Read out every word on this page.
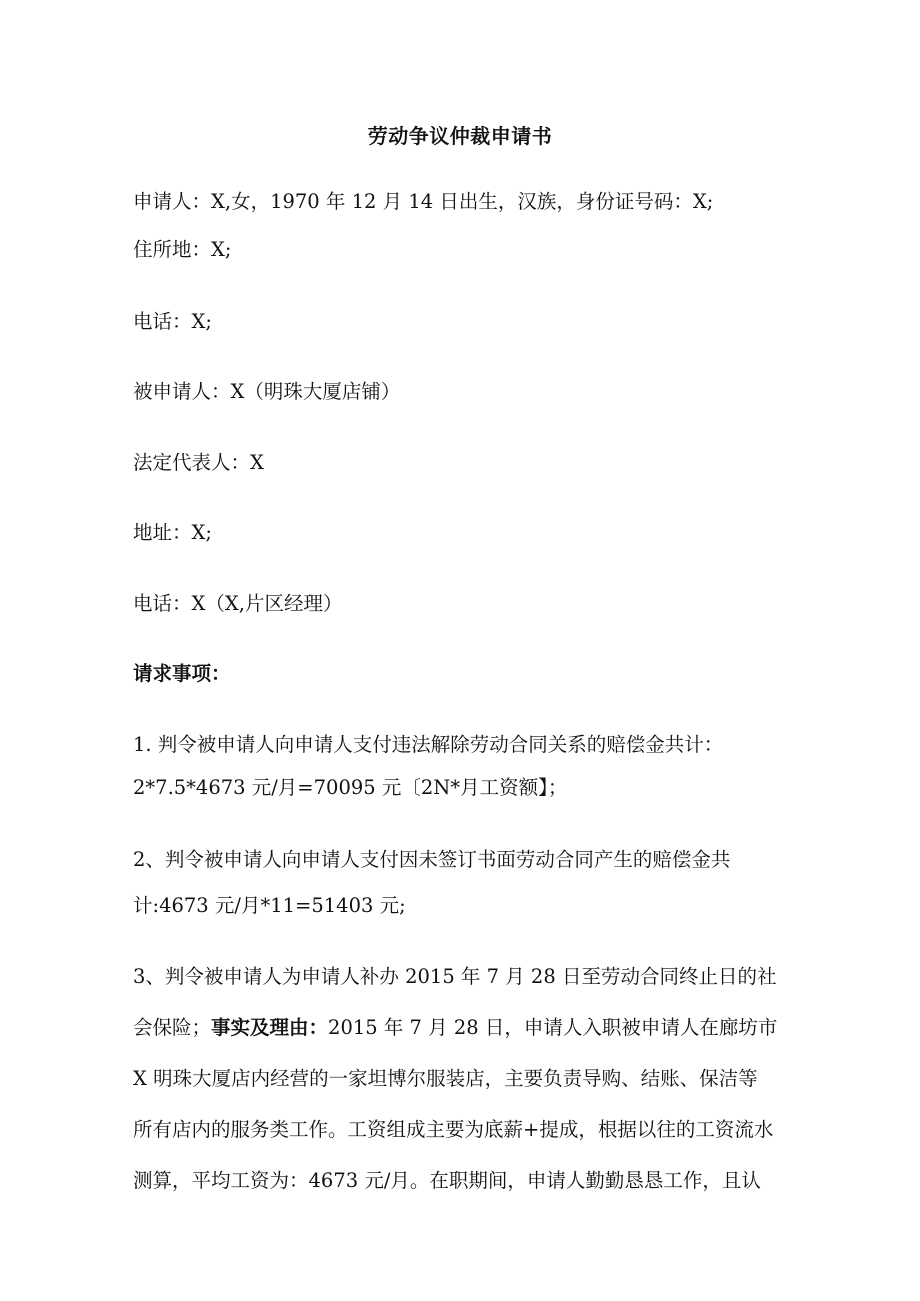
劳动争议仲裁申请书
申请人：X,女，1970 年 12 月 14 日出生，汉族，身份证号码：X;
住所地：X;
电话：X;
被申请人：X（明珠大厦店铺）
法定代表人：X
地址：X;
电话：X（X,片区经理）
请求事项：
1. 判令被申请人向申请人支付违法解除劳动合同关系的赔偿金共计：
2*7.5*4673 元/月=70095 元〔2N*月工资额】；
2、判令被申请人向申请人支付因未签订书面劳动合同产生的赔偿金共
计:4673 元/月*11=51403 元;
3、判令被申请人为申请人补办 2015 年 7 月 28 日至劳动合同终止日的社
会保险；事实及理由：2015 年 7 月 28 日，申请人入职被申请人在廊坊市
X 明珠大厦店内经营的一家坦博尔服装店，主要负责导购、结账、保洁等
所有店内的服务类工作。工资组成主要为底薪+提成，根据以往的工资流水
测算，平均工资为：4673 元/月。在职期间，申请人勤勤恳恳工作，且认
